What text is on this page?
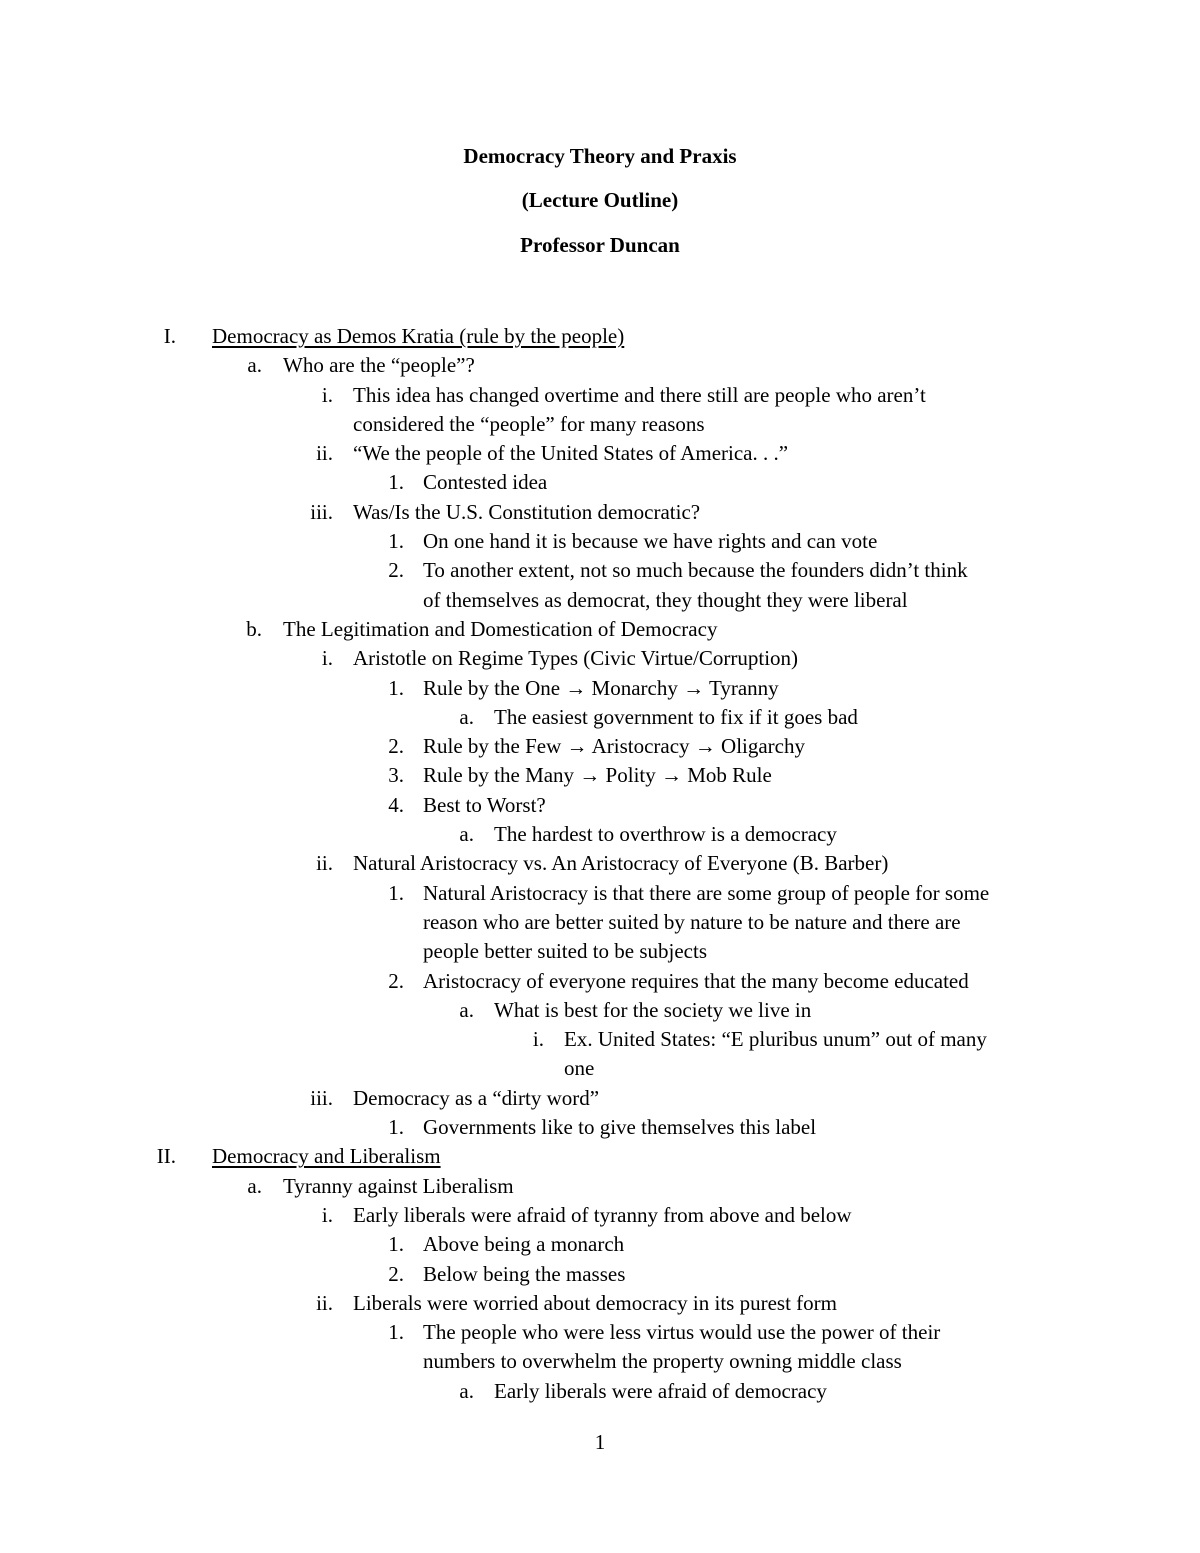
Democracy Theory and Praxis
(Lecture Outline)
Professor Duncan
I. Democracy as Demos Kratia (rule by the people)
a. Who are the “people”?
i. This idea has changed overtime and there still are people who aren’t
considered the “people” for many reasons
ii. “We the people of the United States of America. . .”
1. Contested idea
iii. Was/Is the U.S. Constitution democratic?
1. On one hand it is because we have rights and can vote
2. To another extent, not so much because the founders didn’t think
of themselves as democrat, they thought they were liberal
b. The Legitimation and Domestication of Democracy
i. Aristotle on Regime Types (Civic Virtue/Corruption)
1. Rule by the One → Monarchy → Tyranny
a. The easiest government to fix if it goes bad
2. Rule by the Few → Aristocracy → Oligarchy
3. Rule by the Many → Polity → Mob Rule
4. Best to Worst?
a. The hardest to overthrow is a democracy
ii. Natural Aristocracy vs. An Aristocracy of Everyone (B. Barber)
1. Natural Aristocracy is that there are some group of people for some
reason who are better suited by nature to be nature and there are
people better suited to be subjects
2. Aristocracy of everyone requires that the many become educated
a. What is best for the society we live in
i. Ex. United States: “E pluribus unum” out of many
one
iii. Democracy as a “dirty word”
1. Governments like to give themselves this label
II. Democracy and Liberalism
a. Tyranny against Liberalism
i. Early liberals were afraid of tyranny from above and below
1. Above being a monarch
2. Below being the masses
ii. Liberals were worried about democracy in its purest form
1. The people who were less virtus would use the power of their
numbers to overwhelm the property owning middle class
a. Early liberals were afraid of democracy
1
